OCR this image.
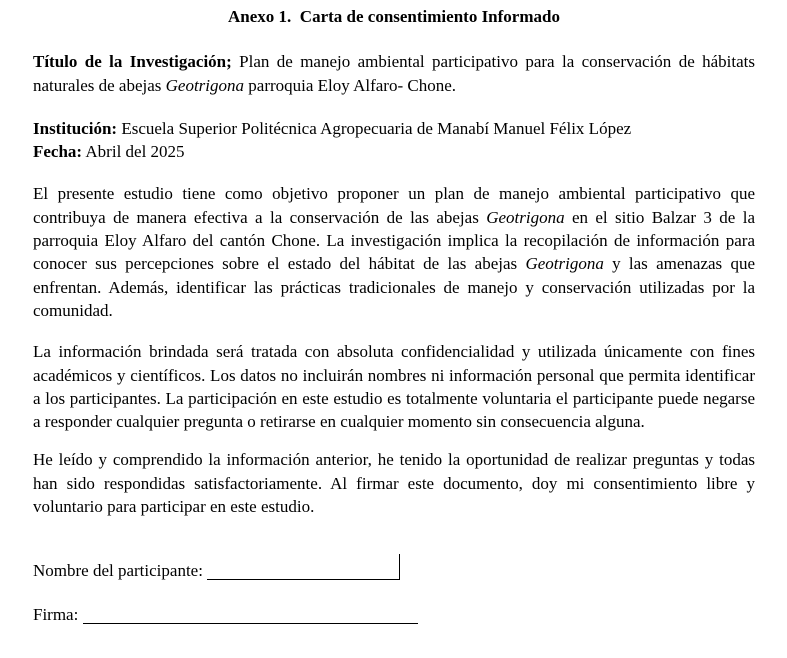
Anexo 1.  Carta de consentimiento Informado

Título de la Investigación; Plan de manejo ambiental participativo para la conservación de hábitats naturales de abejas Geotrigona parroquia Eloy Alfaro- Chone.

Institución: Escuela Superior Politécnica Agropecuaria de Manabí Manuel Félix López

Fecha: Abril del 2025

El presente estudio tiene como objetivo proponer un plan de manejo ambiental participativo que contribuya de manera efectiva a la conservación de las abejas Geotrigona en el sitio Balzar 3 de la parroquia Eloy Alfaro del cantón Chone. La investigación implica la recopilación de información para conocer sus percepciones sobre el estado del hábitat de las abejas Geotrigona y las amenazas que enfrentan. Además, identificar las prácticas tradicionales de manejo y conservación utilizadas por la comunidad.

La información brindada será tratada con absoluta confidencialidad y utilizada únicamente con fines académicos y científicos. Los datos no incluirán nombres ni información personal que permita identificar a los participantes. La participación en este estudio es totalmente voluntaria el participante puede negarse a responder cualquier pregunta o retirarse en cualquier momento sin consecuencia alguna.

He leído y comprendido la información anterior, he tenido la oportunidad de realizar preguntas y todas han sido respondidas satisfactoriamente. Al firmar este documento, doy mi consentimiento libre y voluntario para participar en este estudio.

Nombre del participante:

Firma:
